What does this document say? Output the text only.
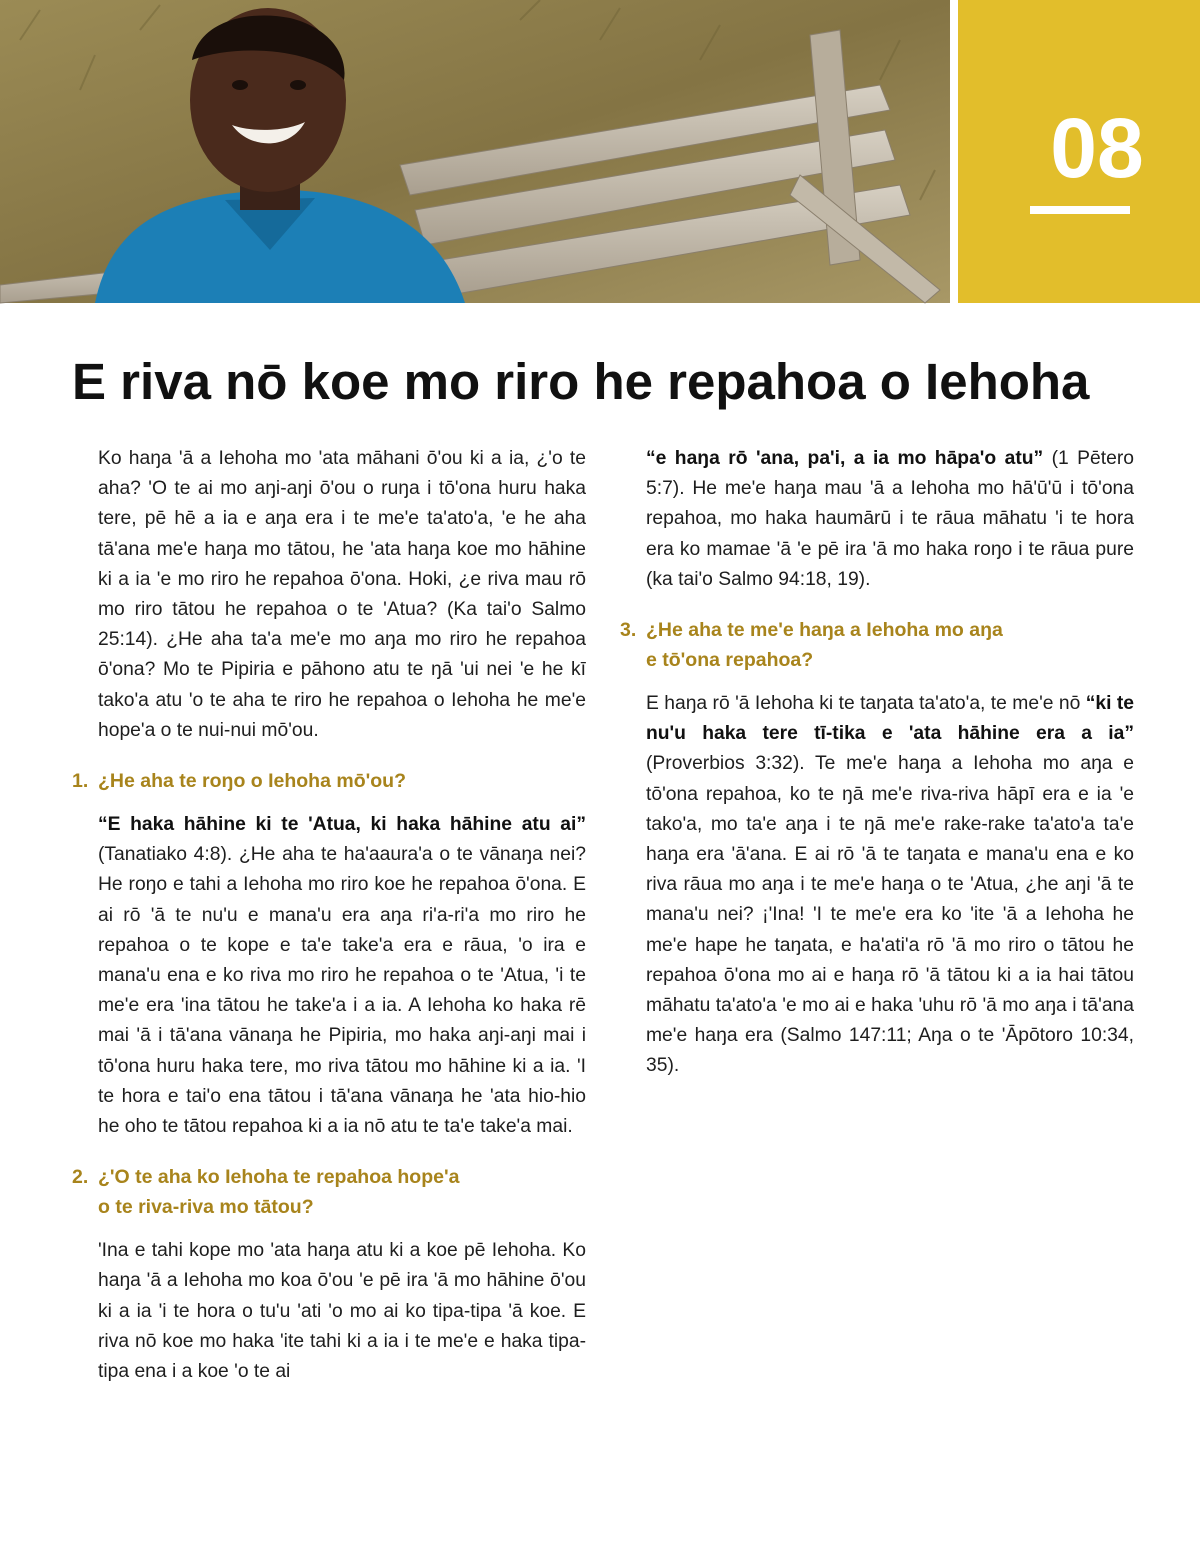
08
E riva nō koe mo riro he repahoa o Iehoha

Ko haŋa 'ā a Iehoha mo 'ata māhani ō'ou ki a ia, ¿'o te aha? 'O te ai mo aŋi-aŋi ō'ou o ruŋa i tō'ona huru haka tere, pē hē a ia e aŋa era i te me'e ta'ato'a, 'e he aha tā'ana me'e haŋa mo tātou, he 'ata haŋa koe mo hāhine ki a ia 'e mo riro he repahoa ō'ona. Hoki, ¿e riva mau rō mo riro tātou he repahoa o te 'Atua? (Ka tai'o Salmo 25:14). ¿He aha ta'a me'e mo aŋa mo riro he repahoa ō'ona? Mo te Pipiria e pāhono atu te ŋā 'ui nei 'e he kī tako'a atu 'o te aha te riro he repahoa o Iehoha he me'e hope'a o te nui-nui mō'ou.

1. ¿He aha te roŋo o Iehoha mō'ou?

“E haka hāhine ki te 'Atua, ki haka hāhine atu ai” (Tanatiako 4:8). ¿He aha te ha'aaura'a o te vānaŋa nei? He roŋo e tahi a Iehoha mo riro koe he repahoa ō'ona. E ai rō 'ā te nu'u e mana'u era aŋa ri'a-ri'a mo riro he repahoa o te kope e ta'e take'a era e rāua, 'o ira e mana'u ena e ko riva mo riro he repahoa o te 'Atua, 'i te me'e era 'ina tātou he take'a i a ia. A Iehoha ko haka rē mai 'ā i tā'ana vānaŋa he Pipiria, mo haka aŋi-aŋi mai i tō'ona huru haka tere, mo riva tātou mo hāhine ki a ia. 'I te hora e tai'o ena tātou i tā'ana vānaŋa he 'ata hio-hio he oho te tātou repahoa ki a ia nō atu te ta'e take'a mai.

2. ¿'O te aha ko Iehoha te repahoa hope'a
o te riva-riva mo tātou?

'Ina e tahi kope mo 'ata haŋa atu ki a koe pē Iehoha. Ko haŋa 'ā a Iehoha mo koa ō'ou 'e pē ira 'ā mo hāhine ō'ou ki a ia 'i te hora o tu'u 'ati 'o mo ai ko tipa-tipa 'ā koe. E riva nō koe mo haka 'ite tahi ki a ia i te me'e e haka tipa-tipa ena i a koe 'o te ai

“e haŋa rō 'ana, pa'i, a ia mo hāpa'o atu” (1 Pētero 5:7). He me'e haŋa mau 'ā a Iehoha mo hā'ū'ū i tō'ona repahoa, mo haka haumārū i te rāua māhatu 'i te hora era ko mamae 'ā 'e pē ira 'ā mo haka roŋo i te rāua pure (ka tai'o Salmo 94:18, 19).

3. ¿He aha te me'e haŋa a Iehoha mo aŋa
e tō'ona repahoa?

E haŋa rō 'ā Iehoha ki te taŋata ta'ato'a, te me'e nō “ki te nu'u haka tere tī-tika e 'ata hāhine era a ia” (Proverbios 3:32). Te me'e haŋa a Iehoha mo aŋa e tō'ona repahoa, ko te ŋā me'e riva-riva hāpī era e ia 'e tako'a, mo ta'e aŋa i te ŋā me'e rake-rake ta'ato'a ta'e haŋa era 'ā'ana. E ai rō 'ā te taŋata e mana'u ena e ko riva rāua mo aŋa i te me'e haŋa o te 'Atua, ¿he aŋi 'ā te mana'u nei? ¡'Ina! 'I te me'e era ko 'ite 'ā a Iehoha he me'e hape he taŋata, e ha'ati'a rō 'ā mo riro o tātou he repahoa ō'ona mo ai e haŋa rō 'ā tātou ki a ia hai tātou māhatu ta'ato'a 'e mo ai e haka 'uhu rō 'ā mo aŋa i tā'ana me'e haŋa era (Salmo 147:11; Aŋa o te 'Āpōtoro 10:34, 35).
